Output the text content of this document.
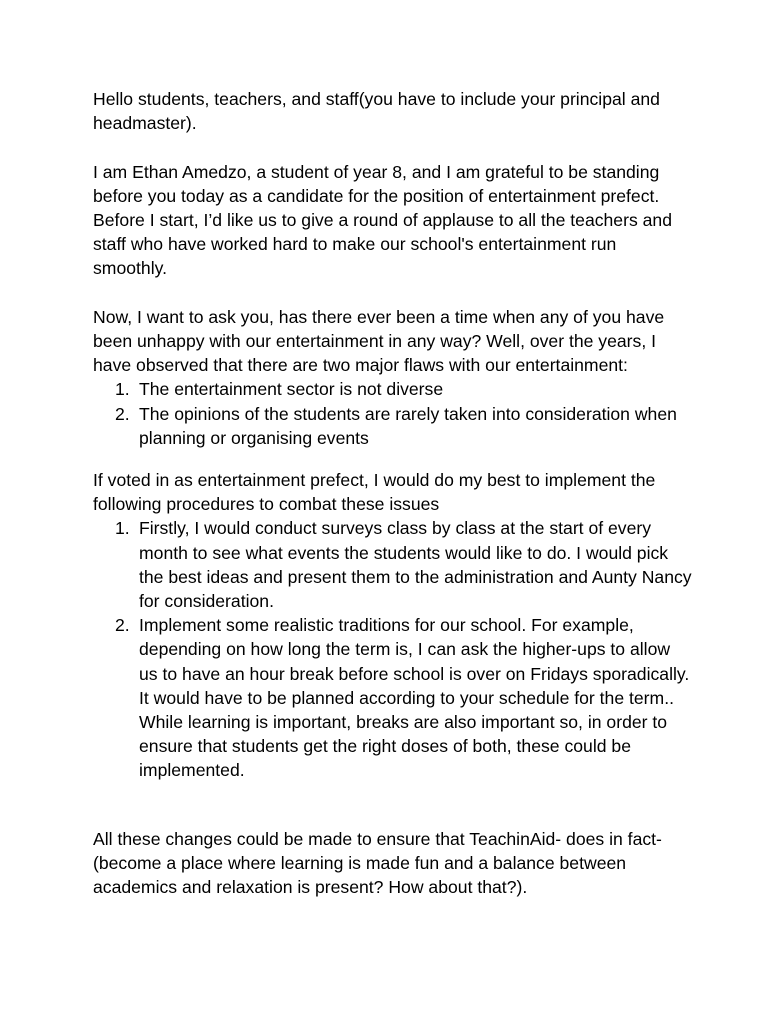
Hello students, teachers, and staff(you have to include your principal and headmaster).

I am Ethan Amedzo, a student of year 8, and I am grateful to be standing before you today as a candidate for the position of entertainment prefect. Before I start, I’d like us to give a round of applause to all the teachers and staff who have worked hard to make our school's entertainment run smoothly.

Now, I want to ask you, has there ever been a time when any of you have been unhappy with our entertainment in any way? Well, over the years, I have observed that there are two major flaws with our entertainment:

1. The entertainment sector is not diverse
2. The opinions of the students are rarely taken into consideration when planning or organising events

If voted in as entertainment prefect, I would do my best to implement the following procedures to combat these issues

1. Firstly, I would conduct surveys class by class at the start of every month to see what events the students would like to do. I would pick the best ideas and present them to the administration and Aunty Nancy for consideration.
2. Implement some realistic traditions for our school. For example, depending on how long the term is, I can ask the higher-ups to allow us to have an hour break before school is over on Fridays sporadically. It would have to be planned according to your schedule for the term.. While learning is important, breaks are also important so, in order to ensure that students get the right doses of both, these could be implemented.

All these changes could be made to ensure that TeachinAid- does in fact- (become a place where learning is made fun and a balance between academics and relaxation is present? How about that?).
